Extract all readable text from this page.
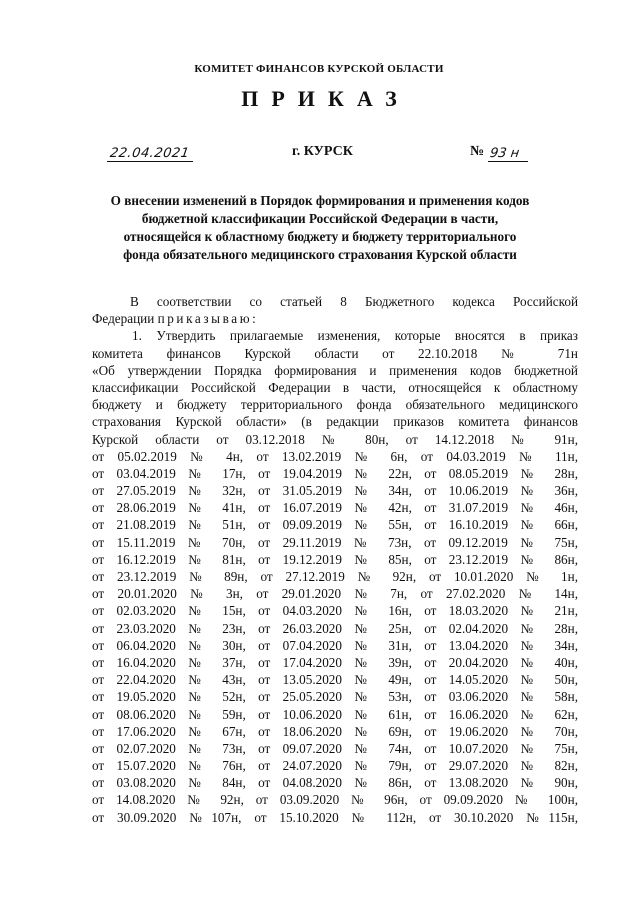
КОМИТЕТ ФИНАНСОВ КУРСКОЙ ОБЛАСТИ
ПРИКАЗ
22.04.2021	г. КУРСК	№ 93 н
О внесении изменений в Порядок формирования и применения кодов
бюджетной классификации Российской Федерации в части,
относящейся к областному бюджету и бюджету территориального
фонда обязательного медицинского страхования Курской области
В соответствии со статьей 8 Бюджетного кодекса Российской
Федерации приказываю:
1. Утвердить прилагаемые изменения, которые вносятся в приказ
комитета финансов Курской области от 22.10.2018 № 71н
«Об утверждении Порядка формирования и применения кодов бюджетной
классификации Российской Федерации в части, относящейся к областному
бюджету и бюджету территориального фонда обязательного медицинского
страхования Курской области» (в редакции приказов комитета финансов
Курской области от 03.12.2018 № 80н, от 14.12.2018 № 91н,
от 05.02.2019 № 4н, от 13.02.2019 № 6н, от 04.03.2019 № 11н,
от 03.04.2019 № 17н, от 19.04.2019 № 22н, от 08.05.2019 № 28н,
от 27.05.2019 № 32н, от 31.05.2019 № 34н, от 10.06.2019 № 36н,
от 28.06.2019 № 41н, от 16.07.2019 № 42н, от 31.07.2019 № 46н,
от 21.08.2019 № 51н, от 09.09.2019 № 55н, от 16.10.2019 № 66н,
от 15.11.2019 № 70н, от 29.11.2019 № 73н, от 09.12.2019 № 75н,
от 16.12.2019 № 81н, от 19.12.2019 № 85н, от 23.12.2019 № 86н,
от 23.12.2019 № 89н, от 27.12.2019 № 92н, от 10.01.2020 № 1н,
от 20.01.2020 № 3н, от 29.01.2020 № 7н, от 27.02.2020 № 14н,
от 02.03.2020 № 15н, от 04.03.2020 № 16н, от 18.03.2020 № 21н,
от 23.03.2020 № 23н, от 26.03.2020 № 25н, от 02.04.2020 № 28н,
от 06.04.2020 № 30н, от 07.04.2020 № 31н, от 13.04.2020 № 34н,
от 16.04.2020 № 37н, от 17.04.2020 № 39н, от 20.04.2020 № 40н,
от 22.04.2020 № 43н, от 13.05.2020 № 49н, от 14.05.2020 № 50н,
от 19.05.2020 № 52н, от 25.05.2020 № 53н, от 03.06.2020 № 58н,
от 08.06.2020 № 59н, от 10.06.2020 № 61н, от 16.06.2020 № 62н,
от 17.06.2020 № 67н, от 18.06.2020 № 69н, от 19.06.2020 № 70н,
от 02.07.2020 № 73н, от 09.07.2020 № 74н, от 10.07.2020 № 75н,
от 15.07.2020 № 76н, от 24.07.2020 № 79н, от 29.07.2020 № 82н,
от 03.08.2020 № 84н, от 04.08.2020 № 86н, от 13.08.2020 № 90н,
от 14.08.2020 № 92н, от 03.09.2020 № 96н, от 09.09.2020 № 100н,
от 30.09.2020 №107н, от 15.10.2020 № 112н, от 30.10.2020 №115н,
